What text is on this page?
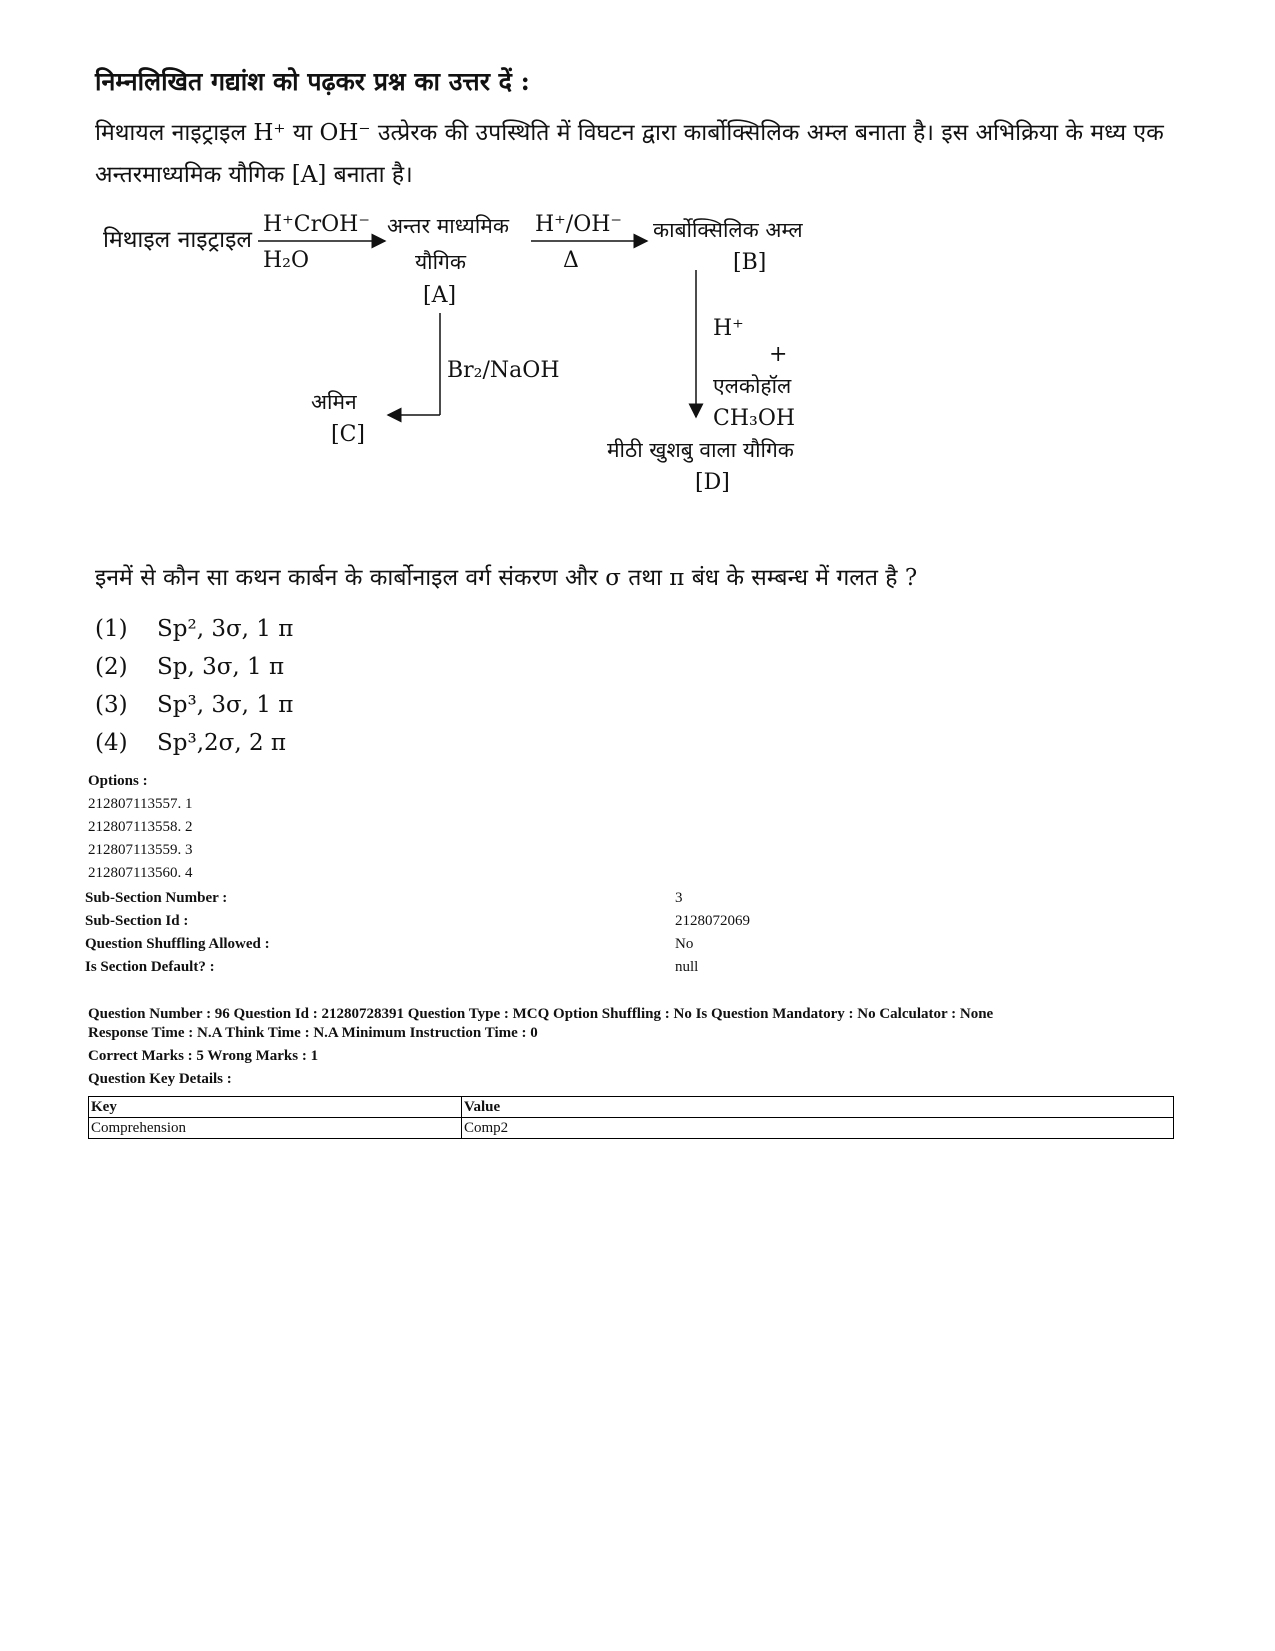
निम्नलिखित गद्यांश को पढ़कर प्रश्न का उत्तर दें :
मिथायल नाइट्राइल H⁺ या OH⁻ उत्प्रेरक की उपस्थिति में विघटन द्वारा कार्बोक्सिलिक अम्ल बनाता है। इस अभिक्रिया के मध्य एक अन्तरमाध्यमिक यौगिक [A] बनाता है।
मिथाइल नाइट्राइल
H⁺CrOH⁻
H₂O
अन्तर माध्यमिक
यौगिक
[A]
H⁺/OH⁻
Δ
कार्बोक्सिलिक अम्ल
[B]
Br₂/NaOH
अमिन
[C]
H⁺
+
एलकोहॉल
CH₃OH
मीठी खुशबु वाला यौगिक
[D]
इनमें से कौन सा कथन कार्बन के कार्बोनाइल वर्ग संकरण और σ तथा π बंध के सम्बन्ध में गलत है ?
(1) Sp², 3σ, 1 π
(2) Sp, 3σ, 1 π
(3) Sp³, 3σ, 1 π
(4) Sp³,2σ, 2 π
Options :
212807113557. 1
212807113558. 2
212807113559. 3
212807113560. 4
Sub-Section Number :	3
Sub-Section Id :	2128072069
Question Shuffling Allowed :	No
Is Section Default? :	null
Question Number : 96 Question Id : 21280728391 Question Type : MCQ Option Shuffling : No Is Question Mandatory : No Calculator : None
Response Time : N.A Think Time : N.A Minimum Instruction Time : 0
Correct Marks : 5 Wrong Marks : 1
Question Key Details :
Key	Value
Comprehension	Comp2
